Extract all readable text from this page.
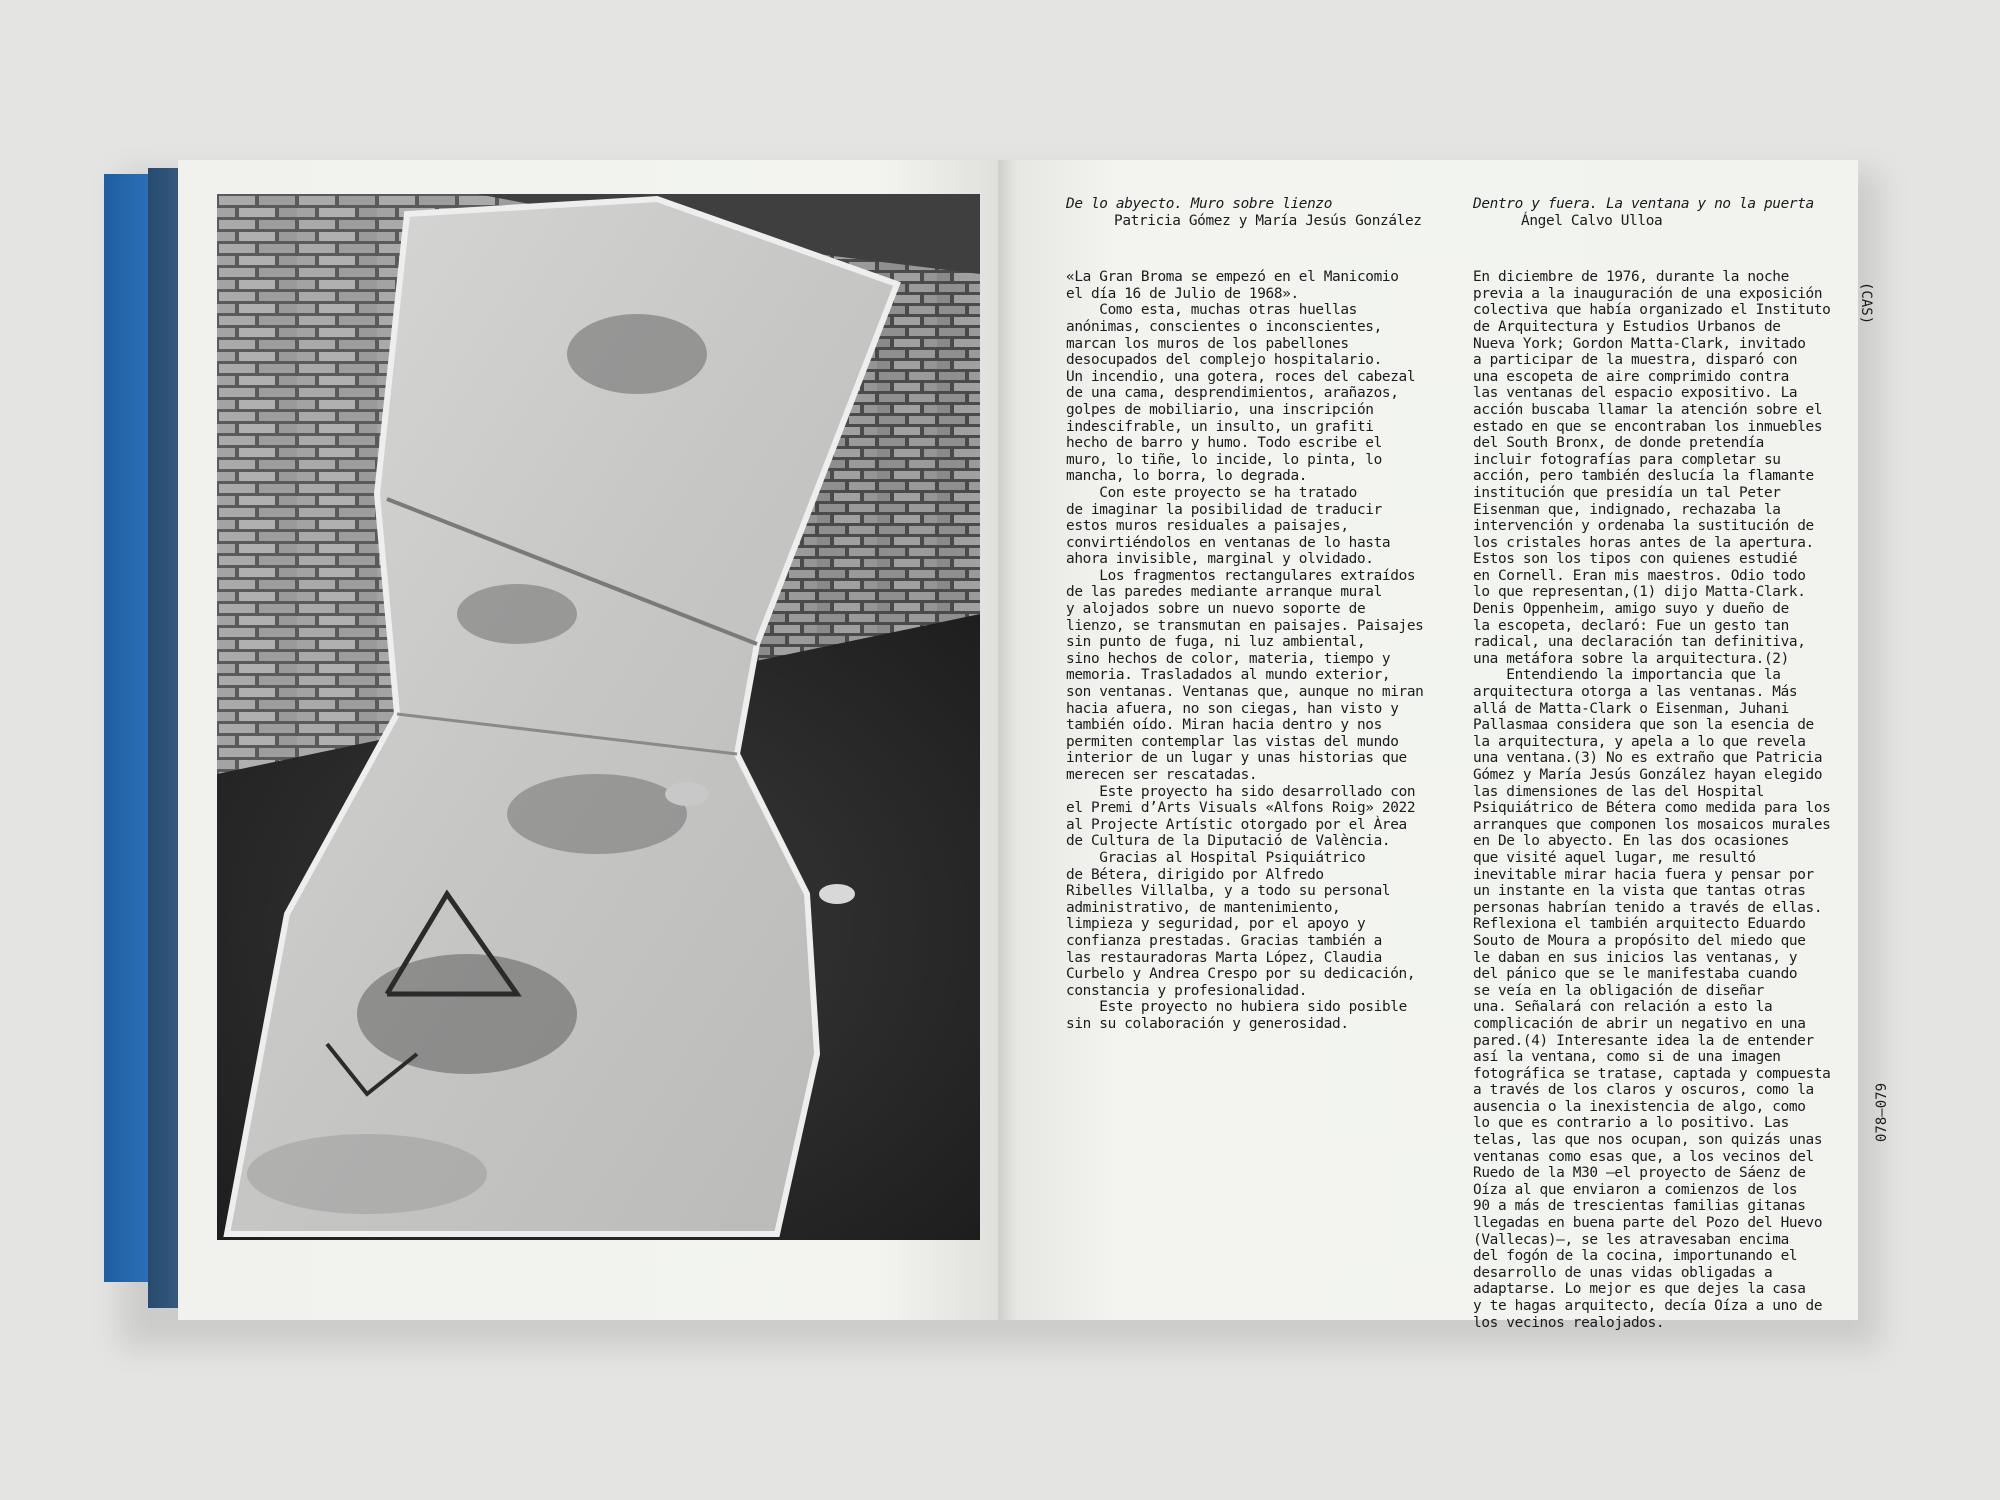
De lo abyecto. Muro sobre lienzo

Patricia Gómez y María Jesús González

«La Gran Broma se empezó en el Manicomio
el día 16 de Julio de 1968».
Como esta, muchas otras huellas
anónimas, conscientes o inconscientes,
marcan los muros de los pabellones
desocupados del complejo hospitalario.
Un incendio, una gotera, roces del cabezal
de una cama, desprendimientos, arañazos,
golpes de mobiliario, una inscripción
indescifrable, un insulto, un grafiti
hecho de barro y humo. Todo escribe el
muro, lo tiñe, lo incide, lo pinta, lo
mancha, lo borra, lo degrada.
Con este proyecto se ha tratado
de imaginar la posibilidad de traducir
estos muros residuales a paisajes,
convirtiéndolos en ventanas de lo hasta
ahora invisible, marginal y olvidado.
Los fragmentos rectangulares extraídos
de las paredes mediante arranque mural
y alojados sobre un nuevo soporte de
lienzo, se transmutan en paisajes. Paisajes
sin punto de fuga, ni luz ambiental,
sino hechos de color, materia, tiempo y
memoria. Trasladados al mundo exterior,
son ventanas. Ventanas que, aunque no miran
hacia afuera, no son ciegas, han visto y
también oído. Miran hacia dentro y nos
permiten contemplar las vistas del mundo
interior de un lugar y unas historias que
merecen ser rescatadas.
Este proyecto ha sido desarrollado con
el Premi d’Arts Visuals «Alfons Roig» 2022
al Projecte Artístic otorgado por el Àrea
de Cultura de la Diputació de València.
Gracias al Hospital Psiquiátrico
de Bétera, dirigido por Alfredo
Ribelles Villalba, y a todo su personal
administrativo, de mantenimiento,
limpieza y seguridad, por el apoyo y
confianza prestadas. Gracias también a
las restauradoras Marta López, Claudia
Curbelo y Andrea Crespo por su dedicación,
constancia y profesionalidad.
Este proyecto no hubiera sido posible
sin su colaboración y generosidad.

Dentro y fuera. La ventana y no la puerta

Ángel Calvo Ulloa

En diciembre de 1976, durante la noche
previa a la inauguración de una exposición
colectiva que había organizado el Instituto
de Arquitectura y Estudios Urbanos de
Nueva York; Gordon Matta-Clark, invitado
a participar de la muestra, disparó con
una escopeta de aire comprimido contra
las ventanas del espacio expositivo. La
acción buscaba llamar la atención sobre el
estado en que se encontraban los inmuebles
del South Bronx, de donde pretendía
incluir fotografías para completar su
acción, pero también deslucía la flamante
institución que presidía un tal Peter
Eisenman que, indignado, rechazaba la
intervención y ordenaba la sustitución de
los cristales horas antes de la apertura.
Estos son los tipos con quienes estudié
en Cornell. Eran mis maestros. Odio todo
lo que representan,(1) dijo Matta-Clark.
Denis Oppenheim, amigo suyo y dueño de
la escopeta, declaró: Fue un gesto tan
radical, una declaración tan definitiva,
una metáfora sobre la arquitectura.(2)
Entendiendo la importancia que la
arquitectura otorga a las ventanas. Más
allá de Matta-Clark o Eisenman, Juhani
Pallasmaa considera que son la esencia de
la arquitectura, y apela a lo que revela
una ventana.(3) No es extraño que Patricia
Gómez y María Jesús González hayan elegido
las dimensiones de las del Hospital
Psiquiátrico de Bétera como medida para los
arranques que componen los mosaicos murales
en De lo abyecto. En las dos ocasiones
que visité aquel lugar, me resultó
inevitable mirar hacia fuera y pensar por
un instante en la vista que tantas otras
personas habrían tenido a través de ellas.
Reflexiona el también arquitecto Eduardo
Souto de Moura a propósito del miedo que
le daban en sus inicios las ventanas, y
del pánico que se le manifestaba cuando
se veía en la obligación de diseñar
una. Señalará con relación a esto la
complicación de abrir un negativo en una
pared.(4) Interesante idea la de entender
así la ventana, como si de una imagen
fotográfica se tratase, captada y compuesta
a través de los claros y oscuros, como la
ausencia o la inexistencia de algo, como
lo que es contrario a lo positivo. Las
telas, las que nos ocupan, son quizás unas
ventanas como esas que, a los vecinos del
Ruedo de la M30 –el proyecto de Sáenz de
Oíza al que enviaron a comienzos de los
90 a más de trescientas familias gitanas
llegadas en buena parte del Pozo del Huevo
(Vallecas)–, se les atravesaban encima
del fogón de la cocina, importunando el
desarrollo de unas vidas obligadas a
adaptarse. Lo mejor es que dejes la casa
y te hagas arquitecto, decía Oíza a uno de
los vecinos realojados.

(CAS)
078–079
